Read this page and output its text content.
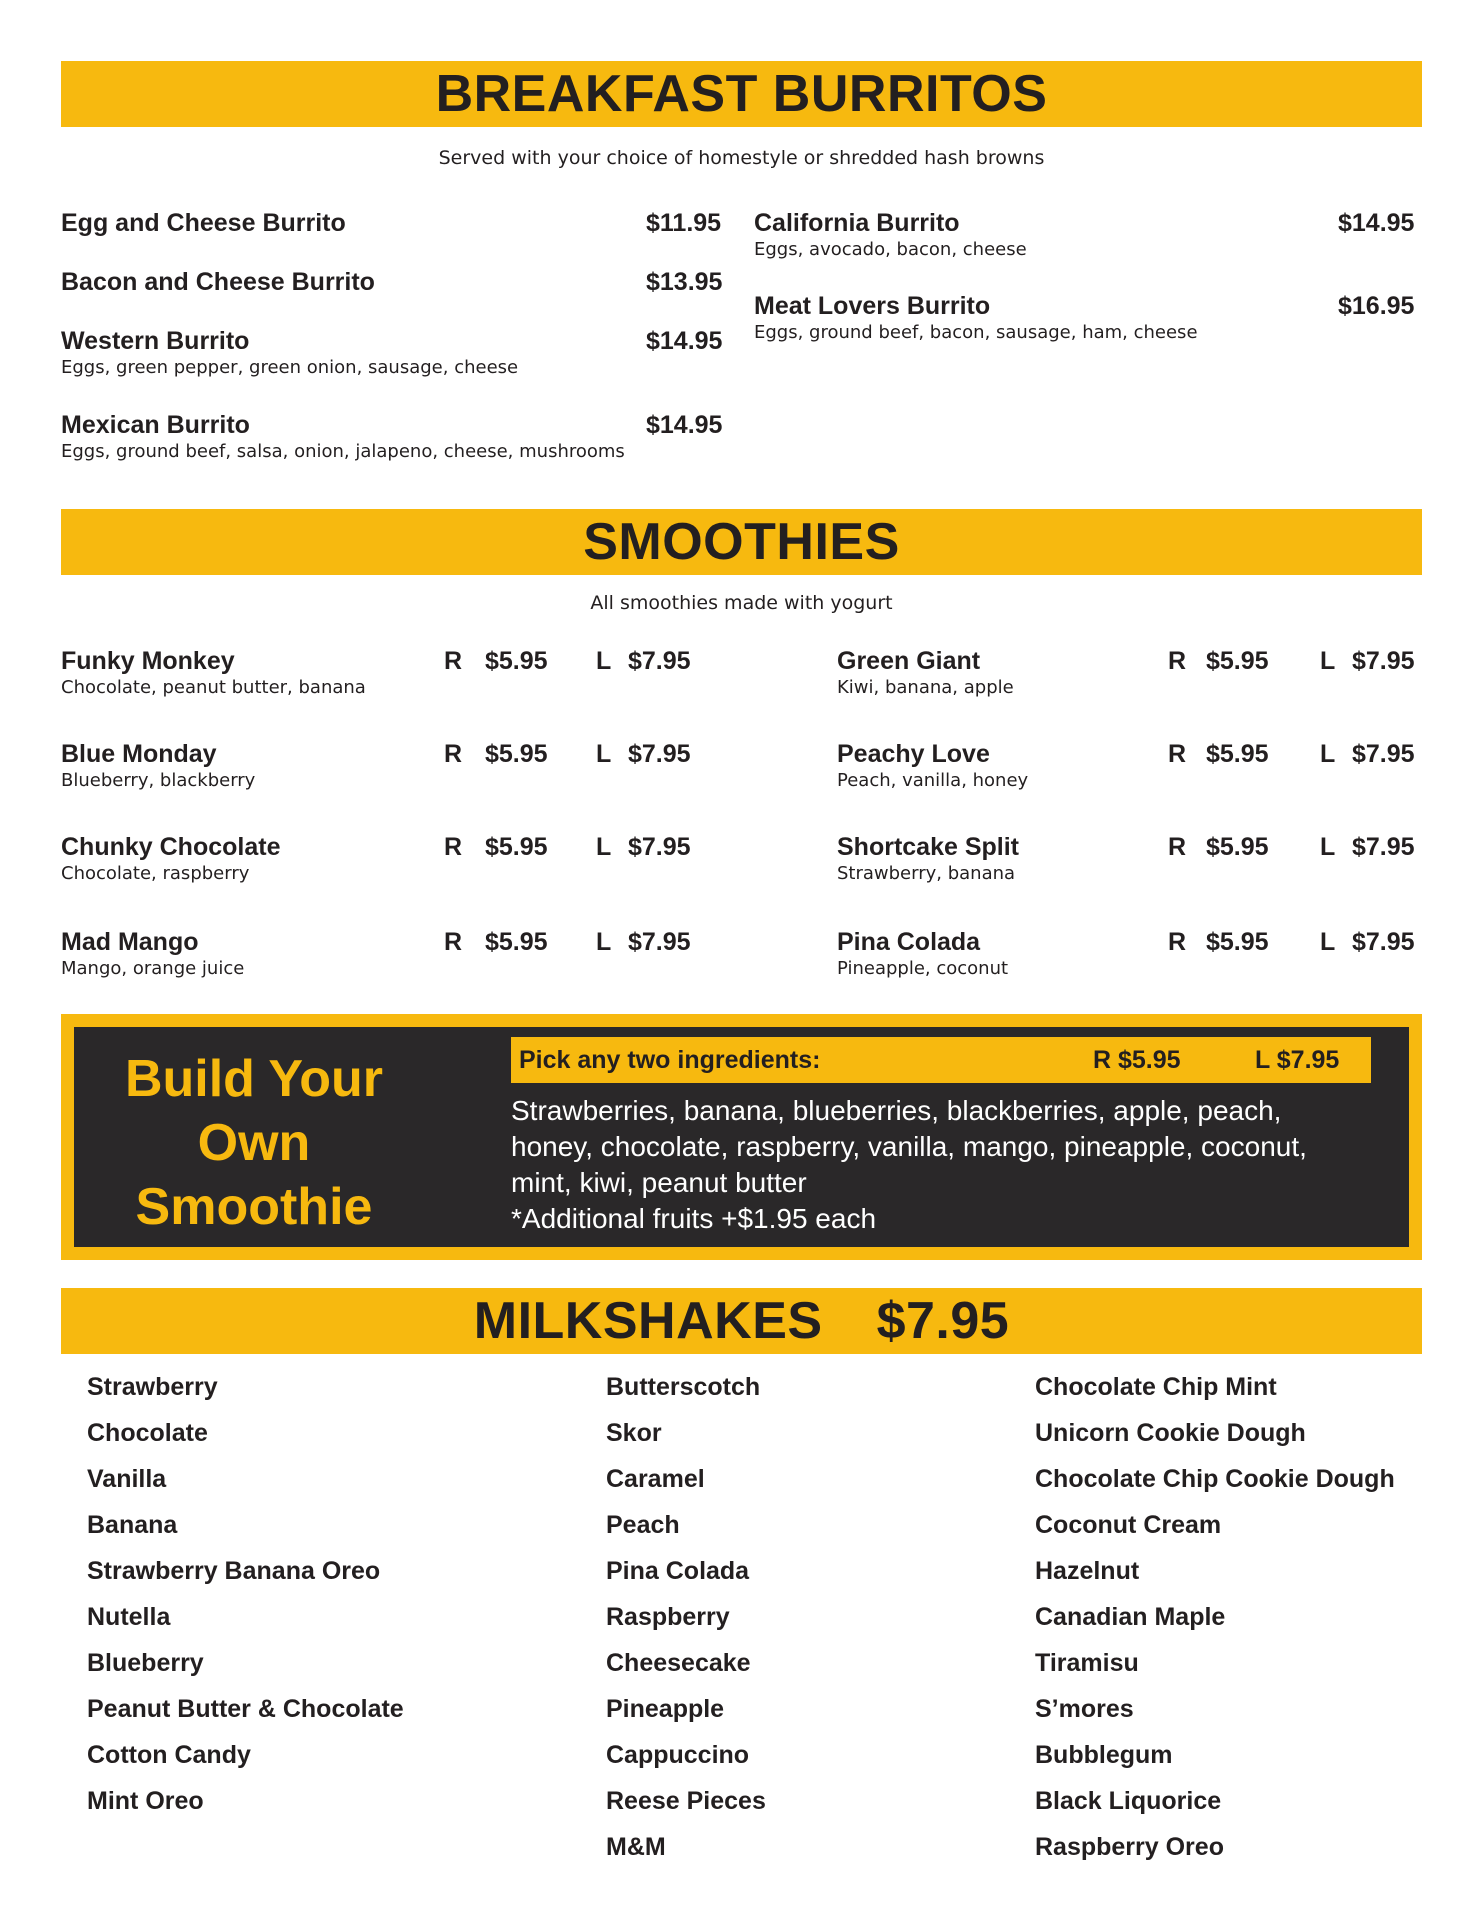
BREAKFAST BURRITOS
Served with your choice of homestyle or shredded hash browns
Egg and Cheese Burrito	$11.95
Bacon and Cheese Burrito	$13.95
Western Burrito
Eggs, green pepper, green onion, sausage, cheese
$14.95
Mexican Burrito
Eggs, ground beef, salsa, onion, jalapeno, cheese, mushrooms
$14.95
California Burrito
Eggs, avocado, bacon, cheese
$14.95
Meat Lovers Burrito
Eggs, ground beef, bacon, sausage, ham, cheese
$16.95
SMOOTHIES
All smoothies made with yogurt
Funky Monkey
Chocolate, peanut butter, banana
R $5.95 L $7.95
Blue Monday
Blueberry, blackberry
R $5.95 L $7.95
Chunky Chocolate
Chocolate, raspberry
R $5.95 L $7.95
Mad Mango
Mango, orange juice
R $5.95 L $7.95
Green Giant
Kiwi, banana, apple
R $5.95 L $7.95
Peachy Love
Peach, vanilla, honey
R $5.95 L $7.95
Shortcake Split
Strawberry, banana
R $5.95 L $7.95
Pina Colada
Pineapple, coconut
R $5.95 L $7.95
Build Your
Own
Smoothie
Pick any two ingredients:	R $5.95	L $7.95
Strawberries, banana, blueberries, blackberries, apple, peach,
honey, chocolate, raspberry, vanilla, mango, pineapple, coconut,
mint, kiwi, peanut butter
*Additional fruits +$1.95 each
MILKSHAKES $7.95
Strawberry
Chocolate
Vanilla
Banana
Strawberry Banana Oreo
Nutella
Blueberry
Peanut Butter & Chocolate
Cotton Candy
Mint Oreo
Butterscotch
Skor
Caramel
Peach
Pina Colada
Raspberry
Cheesecake
Pineapple
Cappuccino
Reese Pieces
M&M
Chocolate Chip Mint
Unicorn Cookie Dough
Chocolate Chip Cookie Dough
Coconut Cream
Hazelnut
Canadian Maple
Tiramisu
S’mores
Bubblegum
Black Liquorice
Raspberry Oreo
